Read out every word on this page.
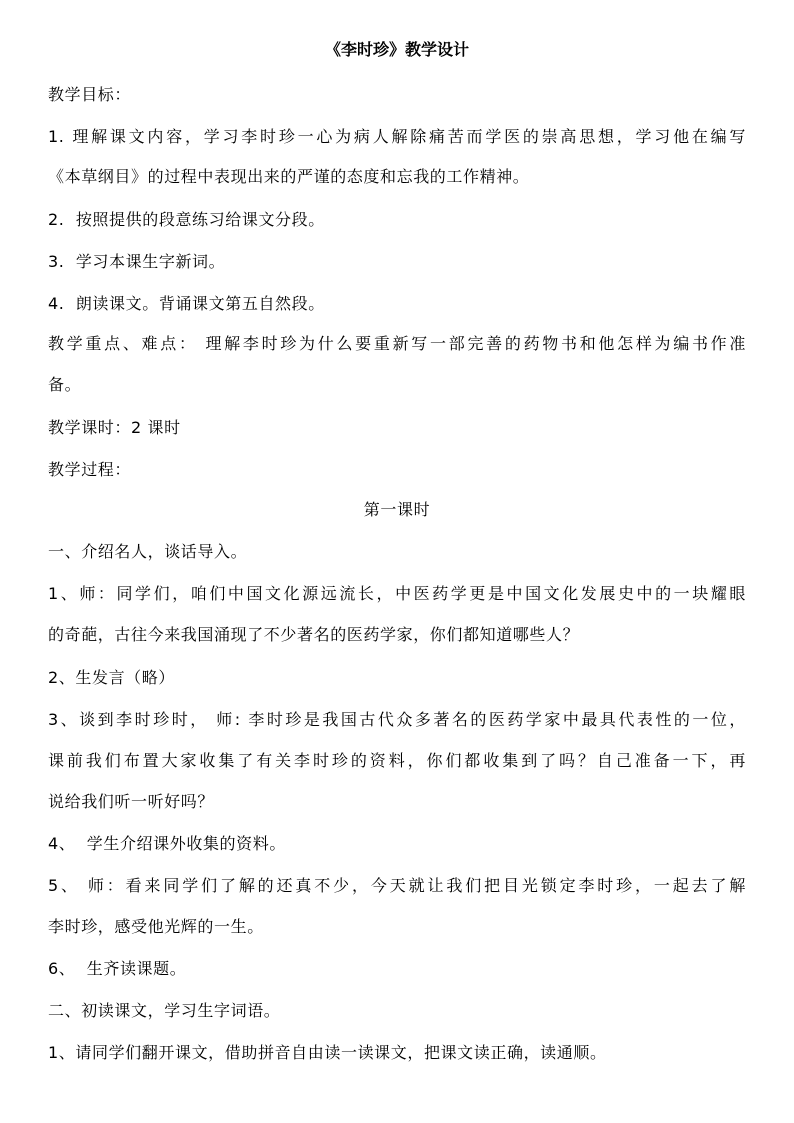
《李时珍》教学设计
教学目标：
1. 理解课文内容，学习李时珍一心为病人解除痛苦而学医的崇高思想，学习他在编写
《本草纲目》的过程中表现出来的严谨的态度和忘我的工作精神。
2.  按照提供的段意练习给课文分段。
3.  学习本课生字新词。
4.  朗读课文。背诵课文第五自然段。
教学重点、难点： 理解李时珍为什么要重新写一部完善的药物书和他怎样为编书作准
备。
教学课时：2 课时
教学过程：
第一课时
一、介绍名人，谈话导入。
1、师：同学们，咱们中国文化源远流长，中医药学更是中国文化发展史中的一块耀眼
的奇葩，古往今来我国涌现了不少著名的医药学家，你们都知道哪些人？
2、生发言（略）
3、谈到李时珍时， 师: 李时珍是我国古代众多著名的医药学家中最具代表性的一位，
课前我们布置大家收集了有关李时珍的资料，你们都收集到了吗？自己准备一下，再
说给我们听一听好吗？
4、  学生介绍课外收集的资料。
5、 师：看来同学们了解的还真不少，今天就让我们把目光锁定李时珍，一起去了解
李时珍，感受他光辉的一生。
6、  生齐读课题。
二、初读课文，学习生字词语。
1、请同学们翻开课文，借助拼音自由读一读课文，把课文读正确，读通顺。
